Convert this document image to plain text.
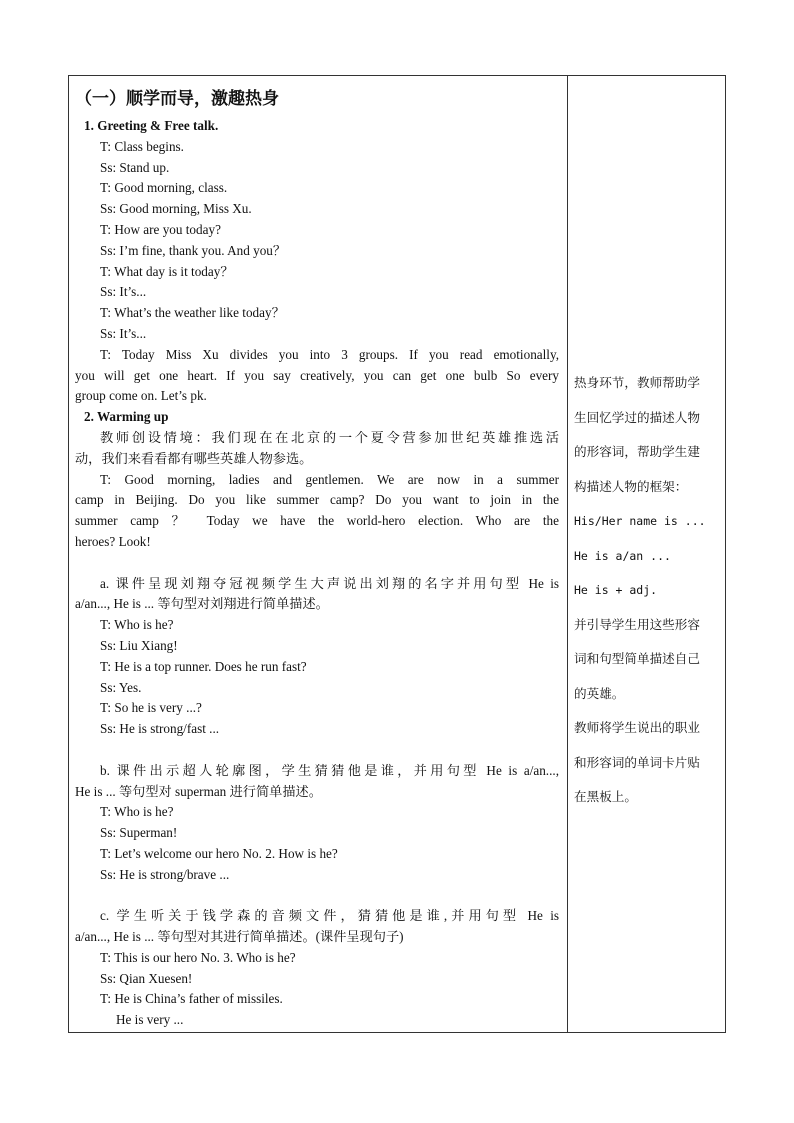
（一）顺学而导，激趣热身
1. Greeting & Free talk.
T: Class begins.
Ss: Stand up.
T: Good morning, class.
Ss: Good morning, Miss Xu.
T: How are you today?
Ss: I’m fine, thank you. And you？
T: What day is it today？
Ss: It’s...
T: What’s the weather like today？
Ss: It’s...
T: Today Miss Xu divides you into 3 groups. If you read emotionally,
you will get one heart. If you say creatively, you can get one bulb So every
group come on. Let’s pk.
2. Warming up
教师创设情境：我们现在在北京的一个夏令营参加世纪英雄推选活
动，我们来看看都有哪些英雄人物参选。
T: Good morning, ladies and gentlemen. We are now in a summer
camp in Beijing. Do you like summer camp? Do you want to join in the
summer camp ？ Today we have the world-hero election. Who are the
heroes? Look!
a. 课件呈现刘翔夺冠视频学生大声说出刘翔的名字并用句型 He is
a/an..., He is ... 等句型对刘翔进行简单描述。
T: Who is he?
Ss: Liu Xiang!
T: He is a top runner. Does he run fast?
Ss: Yes.
T: So he is very ...?
Ss: He is strong/fast ...
b. 课件出示超人轮廓图，学生猜猜他是谁，并用句型 He is a/an...,
He is ... 等句型对 superman 进行简单描述。
T: Who is he?
Ss: Superman!
T: Let’s welcome our hero No. 2. How is he?
Ss: He is strong/brave ...
c. 学生听关于钱学森的音频文件，猜猜他是谁,并用句型 He is
a/an..., He is ... 等句型对其进行简单描述。(课件呈现句子)
T: This is our hero No. 3. Who is he?
Ss: Qian Xuesen!
T: He is China’s father of missiles.
He is very ...
热身环节，教师帮助学
生回忆学过的描述人物
的形容词，帮助学生建
构描述人物的框架：
His/Her name is ...
He is a/an ...
He is + adj.
并引导学生用这些形容
词和句型简单描述自己
的英雄。
教师将学生说出的职业
和形容词的单词卡片贴
在黑板上。
